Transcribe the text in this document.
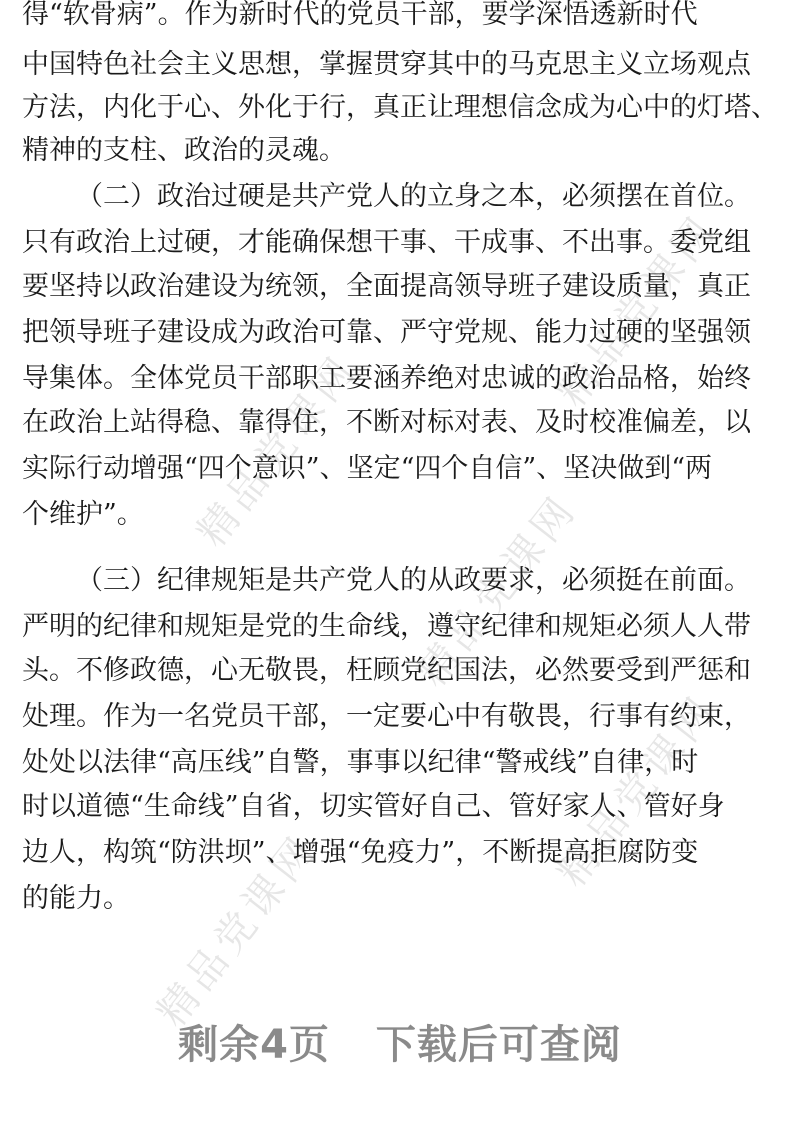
精品党课网
精品党课网
精品党课网
精品党课网
精品党课网
得“软骨病”。作为新时代的党员干部，要学深悟透新时代
中国特色社会主义思想，掌握贯穿其中的马克思主义立场观点
方法，内化于心、外化于行，真正让理想信念成为心中的灯塔、
精神的支柱、政治的灵魂。
（二）政治过硬是共产党人的立身之本，必须摆在首位。
只有政治上过硬，才能确保想干事、干成事、不出事。委党组
要坚持以政治建设为统领，全面提高领导班子建设质量，真正
把领导班子建设成为政治可靠、严守党规、能力过硬的坚强领
导集体。全体党员干部职工要涵养绝对忠诚的政治品格，始终
在政治上站得稳、靠得住，不断对标对表、及时校准偏差，以
实际行动增强“四个意识”、坚定“四个自信”、坚决做到“两
个维护”。
（三）纪律规矩是共产党人的从政要求，必须挺在前面。
严明的纪律和规矩是党的生命线，遵守纪律和规矩必须人人带
头。不修政德，心无敬畏，枉顾党纪国法，必然要受到严惩和
处理。作为一名党员干部，一定要心中有敬畏，行事有约束，
处处以法律“高压线”自警，事事以纪律“警戒线”自律，时
时以道德“生命线”自省，切实管好自己、管好家人、管好身
边人，构筑“防洪坝”、增强“免疫力”，不断提高拒腐防变
的能力。
剩余4页 下载后可查阅
